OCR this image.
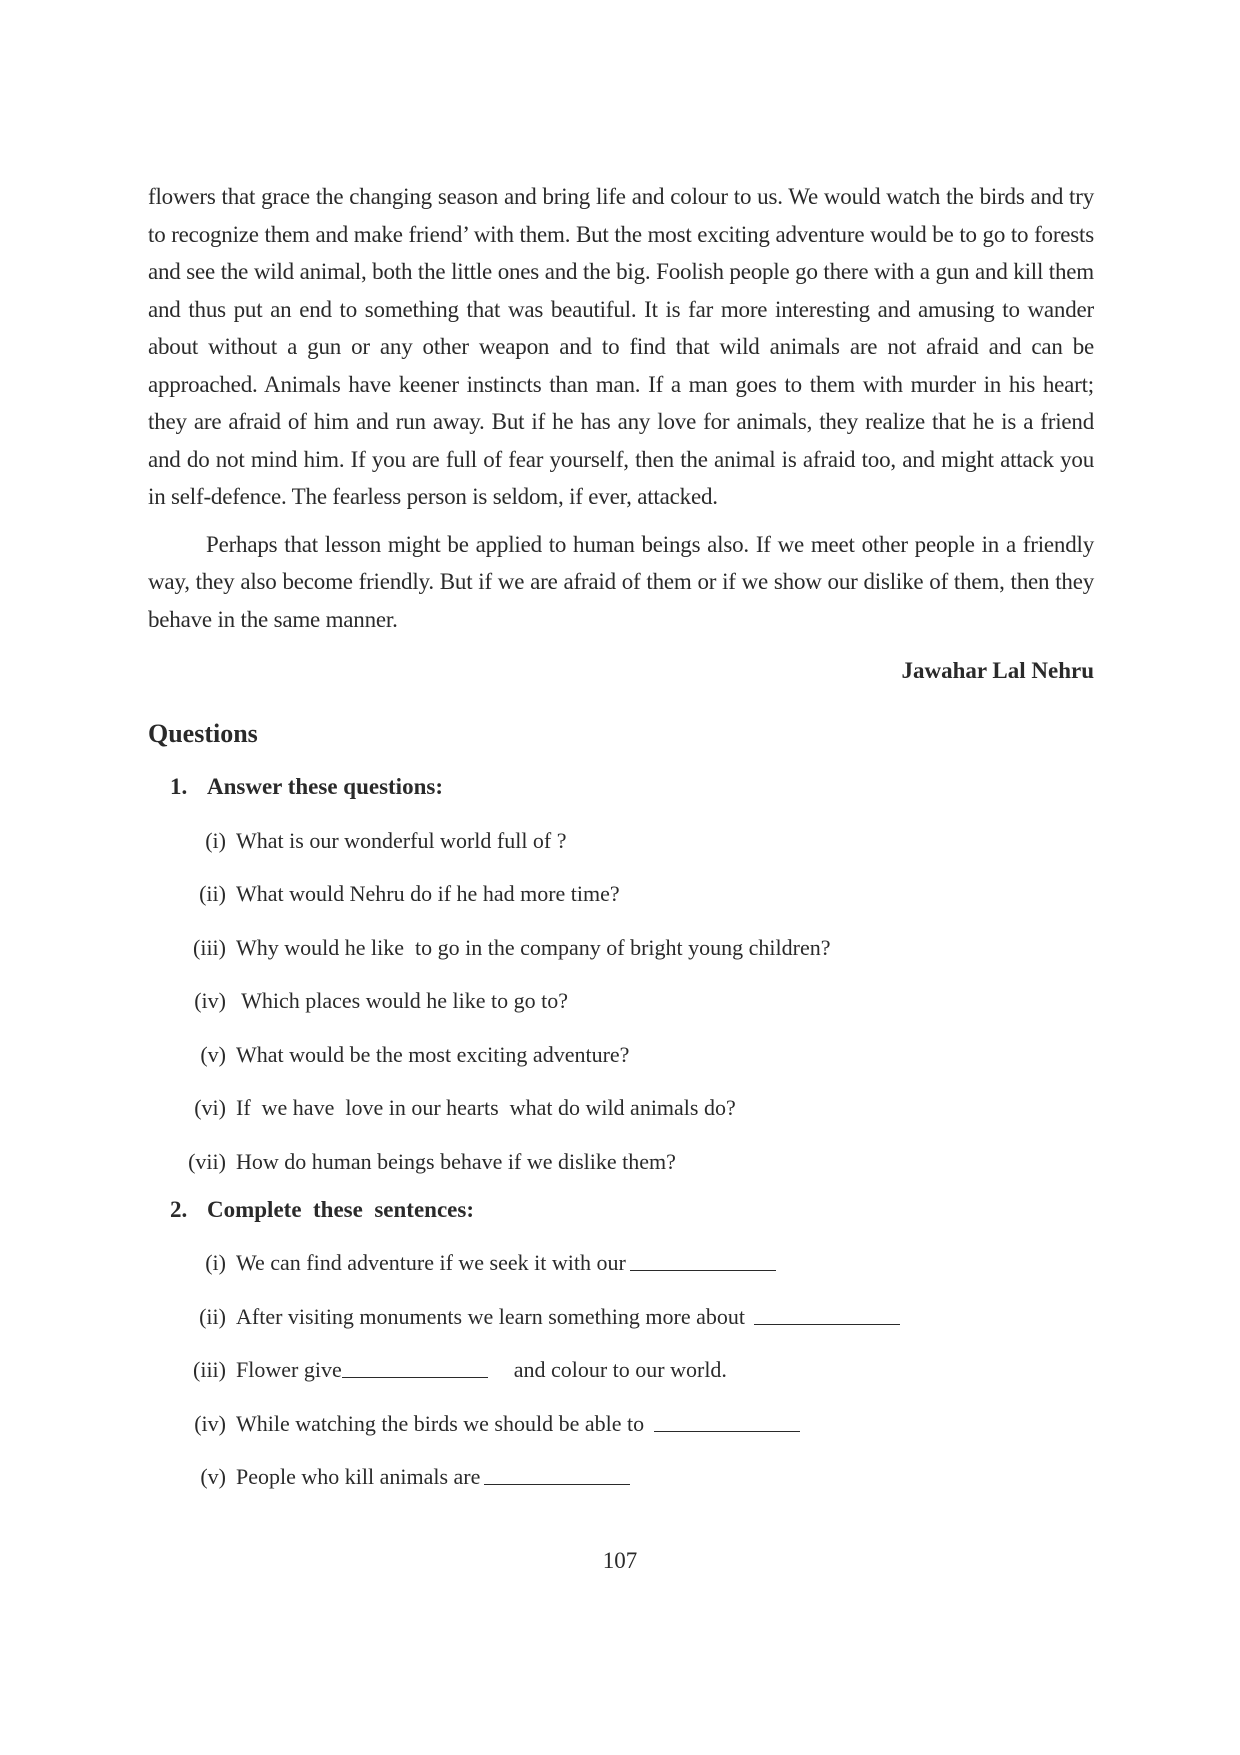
flowers that grace the changing season and bring life and colour to us. We would watch the birds and try to recognize them and make friend’ with them. But the most exciting adventure would be to go to forests and see the wild animal, both the little ones and the big. Foolish people go there with a gun and kill them and thus put an end to something that was beautiful. It is far more interesting and amusing to wander about without a gun or any other weapon and to find that wild animals are not afraid and can be approached. Animals have keener instincts than man. If a man goes to them with murder in his heart; they are afraid of him and run away. But if he has any love for animals, they realize that he is a friend and do not mind him. If you are full of fear yourself, then the animal is afraid too, and might attack you in self-defence. The fearless person is seldom, if ever, attacked.

Perhaps that lesson might be applied to human beings also. If we meet other people in a friendly way, they also become friendly. But if we are afraid of them or if we show our dislike of them, then they behave in the same manner.

Jawahar Lal Nehru
Questions
1. Answer these questions:
(i) What is our wonderful world full of ?
(ii) What would Nehru do if he had more time?
(iii) Why would he like  to go in the company of bright young children?
(iv) Which places would he like to go to?
(v) What would be the most exciting adventure?
(vi) If  we have  love in our hearts  what do wild animals do?
(vii) How do human beings behave if we dislike them?
2. Complete  these  sentences:
(i) We can find adventure if we seek it with our
(ii) After visiting monuments we learn something more about
(iii) Flower give	and colour to our world.
(iv) While watching the birds we should be able to
(v) People who kill animals are
107
